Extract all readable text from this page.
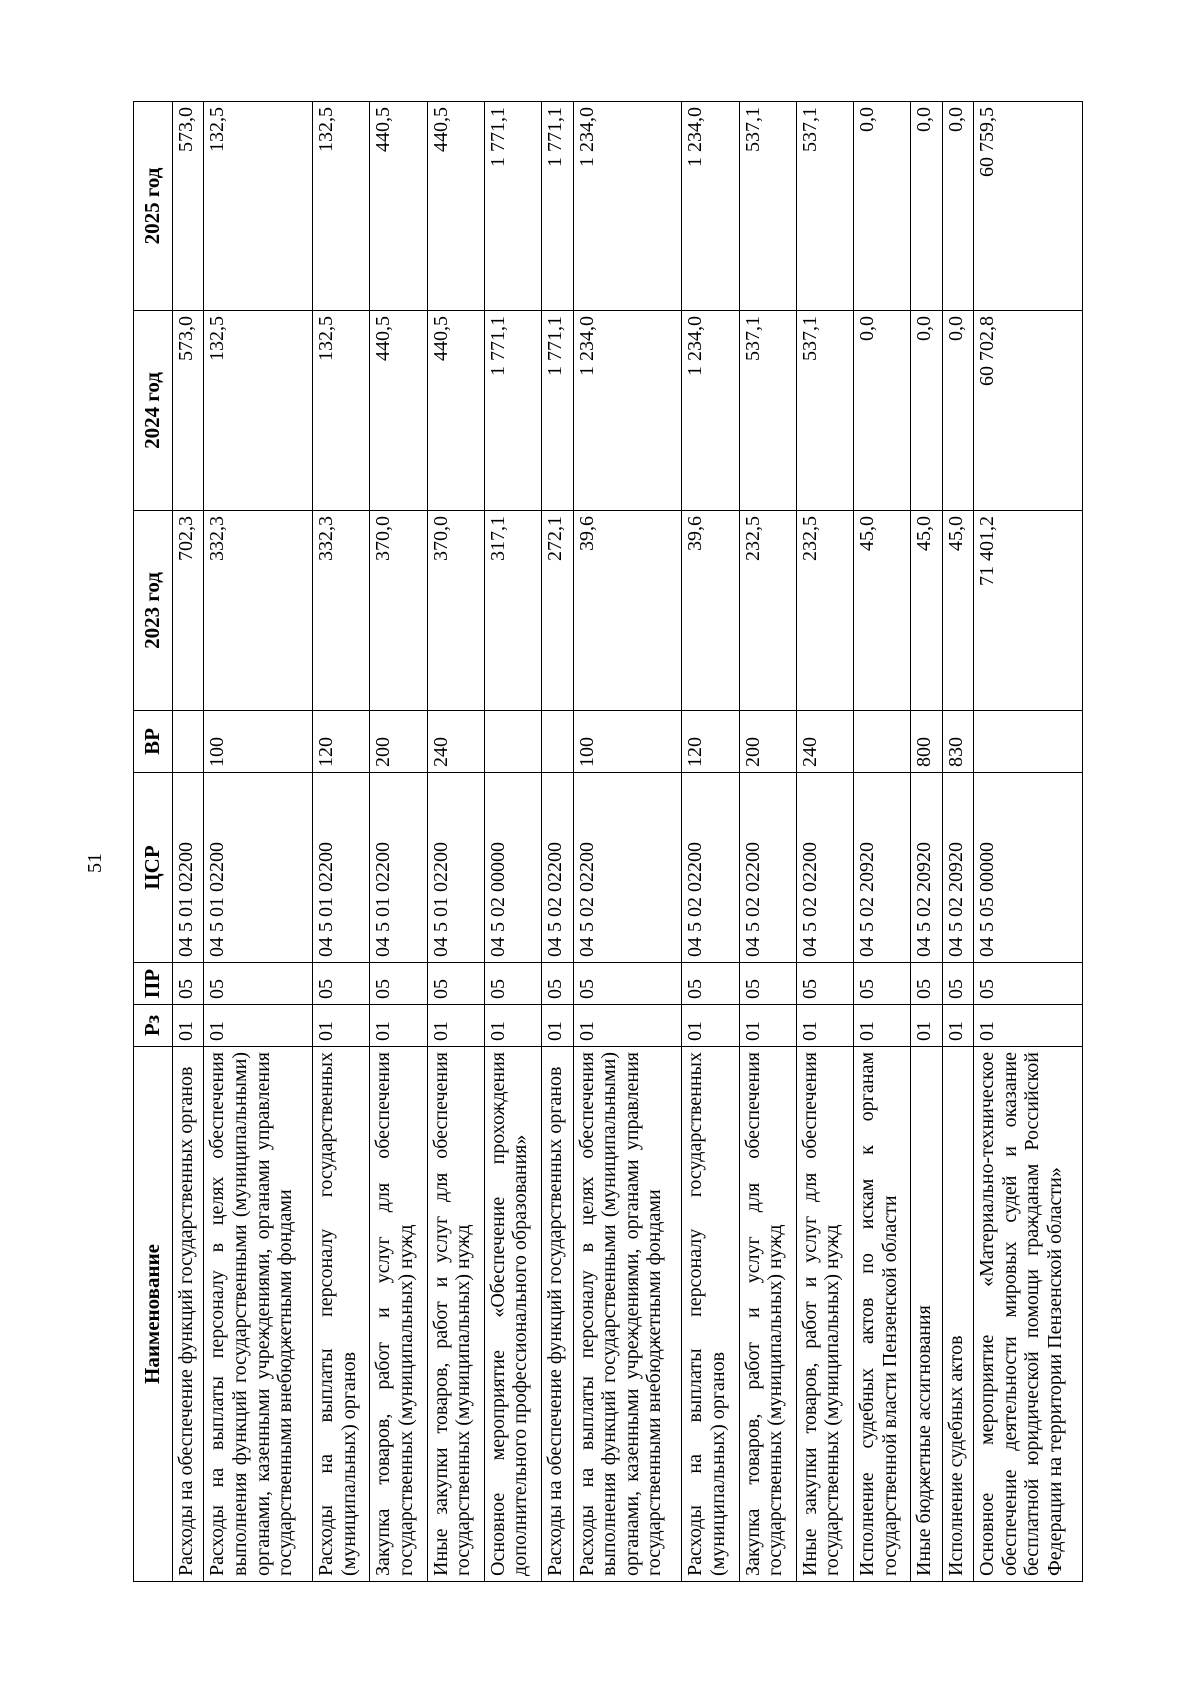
51
Наименование	Рз	ПР	ЦСР	ВР	2023 год	2024 год	2025 год
Расходы на обеспечение функций государственных органов	01	05	04 5 01 02200		702,3	573,0	573,0
Расходы на выплаты персоналу в целях обеспечения выполнения функций государственными (муниципальными) органами, казенными учреждениями, органами управления государственными внебюджетными фондами	01	05	04 5 01 02200	100	332,3	132,5	132,5
Расходы на выплаты персоналу государственных (муниципальных) органов	01	05	04 5 01 02200	120	332,3	132,5	132,5
Закупка товаров, работ и услуг для обеспечения государственных (муниципальных) нужд	01	05	04 5 01 02200	200	370,0	440,5	440,5
Иные закупки товаров, работ и услуг для обеспечения государственных (муниципальных) нужд	01	05	04 5 01 02200	240	370,0	440,5	440,5
Основное мероприятие «Обеспечение прохождения дополнительного профессионального образования»	01	05	04 5 02 00000		317,1	1 771,1	1 771,1
Расходы на обеспечение функций государственных органов	01	05	04 5 02 02200		272,1	1 771,1	1 771,1
Расходы на выплаты персоналу в целях обеспечения выполнения функций государственными (муниципальными) органами, казенными учреждениями, органами управления государственными внебюджетными фондами	01	05	04 5 02 02200	100	39,6	1 234,0	1 234,0
Расходы на выплаты персоналу государственных (муниципальных) органов	01	05	04 5 02 02200	120	39,6	1 234,0	1 234,0
Закупка товаров, работ и услуг для обеспечения государственных (муниципальных) нужд	01	05	04 5 02 02200	200	232,5	537,1	537,1
Иные закупки товаров, работ и услуг для обеспечения государственных (муниципальных) нужд	01	05	04 5 02 02200	240	232,5	537,1	537,1
Исполнение судебных актов по искам к органам государственной власти Пензенской области	01	05	04 5 02 20920		45,0	0,0	0,0
Иные бюджетные ассигнования	01	05	04 5 02 20920	800	45,0	0,0	0,0
Исполнение судебных актов	01	05	04 5 02 20920	830	45,0	0,0	0,0
Основное мероприятие «Материально-техническое обеспечение деятельности мировых судей и оказание бесплатной юридической помощи гражданам Российской Федерации на территории Пензенской области»	01	05	04 5 05 00000		71 401,2	60 702,8	60 759,5
